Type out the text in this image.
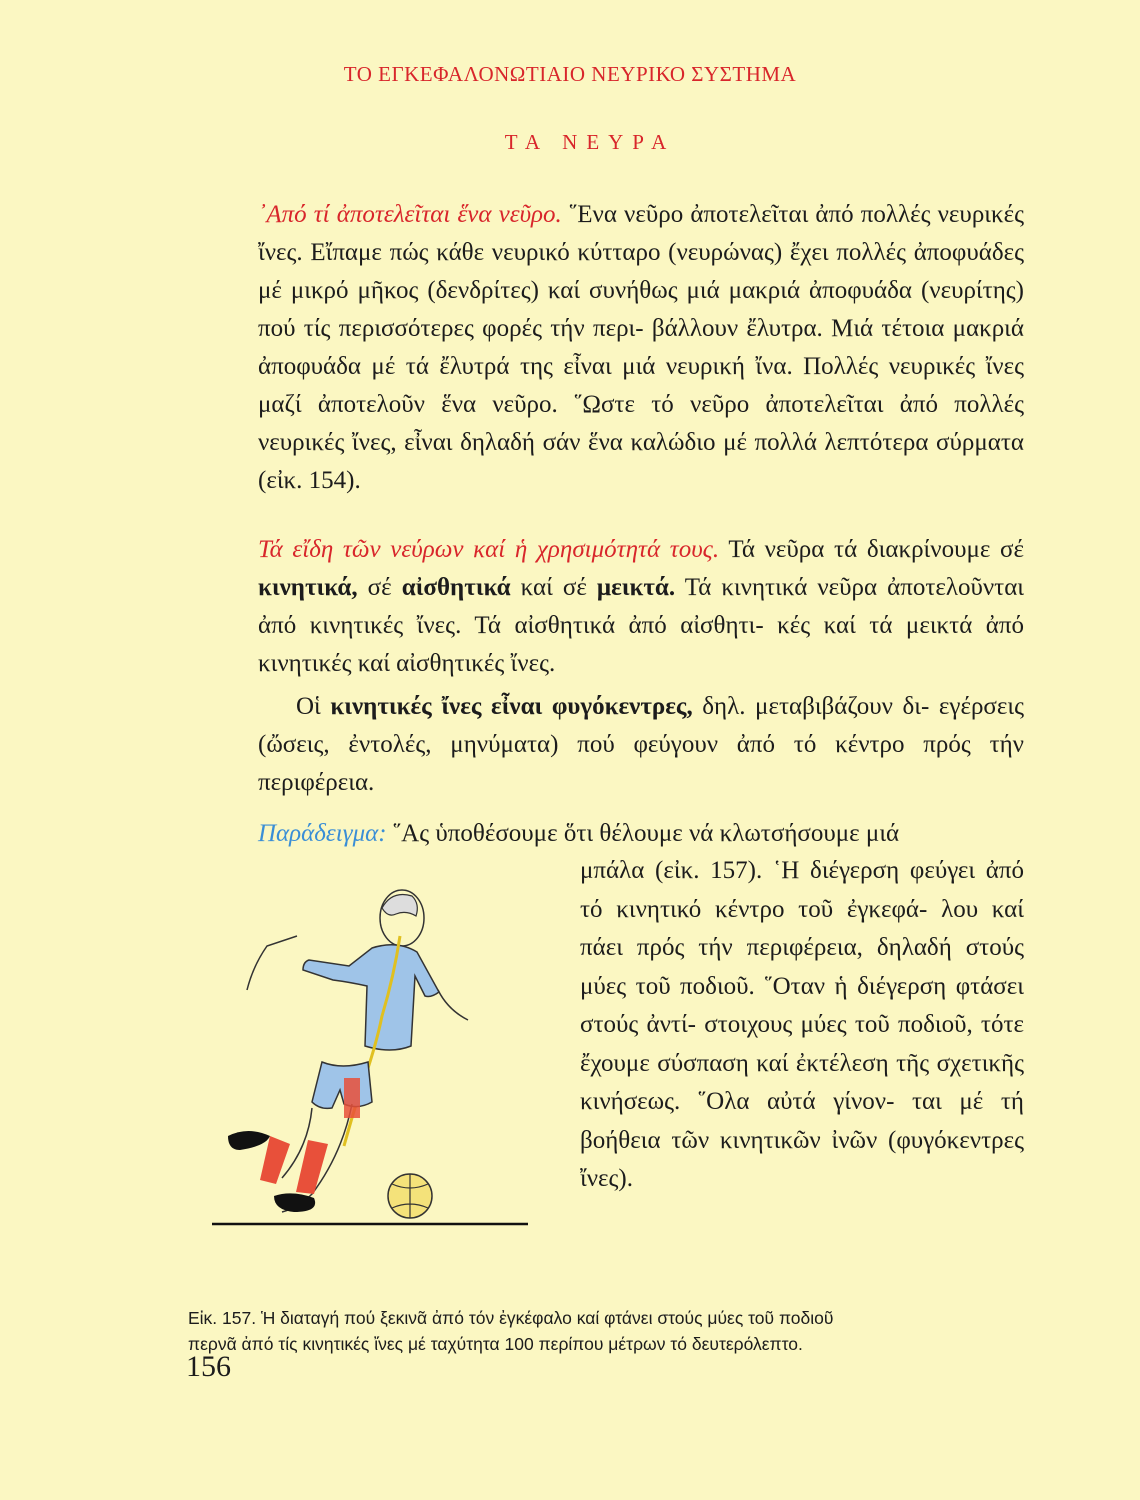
ΤΟ ΕΓΚΕΦΑΛΟΝΩΤΙΑΙΟ ΝΕΥΡΙΚΟ ΣΥΣΤΗΜΑ
ΤΑ ΝΕΥΡΑ
᾿Από τί ἀποτελεῖται ἕνα νεῦρο. ῞Ενα νεῦρο ἀποτελεῖται ἀπό πολλές νευρικές ἴνες. Εἴπαμε πώς κάθε νευρικό κύτταρο (νευρώνας) ἔχει πολλές ἀποφυάδες μέ μικρό μῆκος (δενδρίτες) καί συνήθως μιά μακριά ἀποφυάδα (νευρίτης) πού τίς περισσότερες φορές τήν περι- βάλλουν ἔλυτρα. Μιά τέτοια μακριά ἀποφυάδα μέ τά ἔλυτρά της εἶναι μιά νευρική ἴνα. Πολλές νευρικές ἴνες μαζί ἀποτελοῦν ἕνα νεῦρο. ῞Ωστε τό νεῦρο ἀποτελεῖται ἀπό πολλές νευρικές ἴνες, εἶναι δηλαδή σάν ἕνα καλώδιο μέ πολλά λεπτότερα σύρματα (εἰκ. 154).
Τά εἴδη τῶν νεύρων καί ἡ χρησιμότητά τους. Τά νεῦρα τά διακρίνουμε σέ κινητικά, σέ αἰσθητικά καί σέ μεικτά. Τά κινητικά νεῦρα ἀποτελοῦνται ἀπό κινητικές ἴνες. Τά αἰσθητικά ἀπό αἰσθητι- κές καί τά μεικτά ἀπό κινητικές καί αἰσθητικές ἴνες.
Οἱ κινητικές ἴνες εἶναι φυγόκεντρες, δηλ. μεταβιβάζουν δι- εγέρσεις (ὤσεις, ἐντολές, μηνύματα) πού φεύγουν ἀπό τό κέντρο πρός τήν περιφέρεια.
Παράδειγμα: ῞Ας ὑποθέσουμε ὅτι θέλουμε νά κλωτσήσουμε μιά
μπάλα (εἰκ. 157). ῾Η διέγερση φεύγει ἀπό τό κινητικό κέντρο τοῦ ἐγκεφά- λου καί πάει πρός τήν περιφέρεια, δηλαδή στούς μύες τοῦ ποδιοῦ. ῞Οταν ἡ διέγερση φτάσει στούς ἀντί- στοιχους μύες τοῦ ποδιοῦ, τότε ἔχουμε σύσπαση καί ἐκτέλεση τῆς σχετικῆς κινήσεως. ῞Ολα αὐτά γίνον- ται μέ τή βοήθεια τῶν κινητικῶν ἰνῶν (φυγόκεντρες ἴνες).
Εἰκ. 157. Ἡ διαταγή πού ξεκινᾶ ἀπό τόν ἐγκέφαλο καί φτάνει στούς μύες τοῦ ποδιοῦ
περνᾶ ἀπό τίς κινητικές ἴνες μέ ταχύτητα 100 περίπου μέτρων τό δευτερόλεπτο.
156
